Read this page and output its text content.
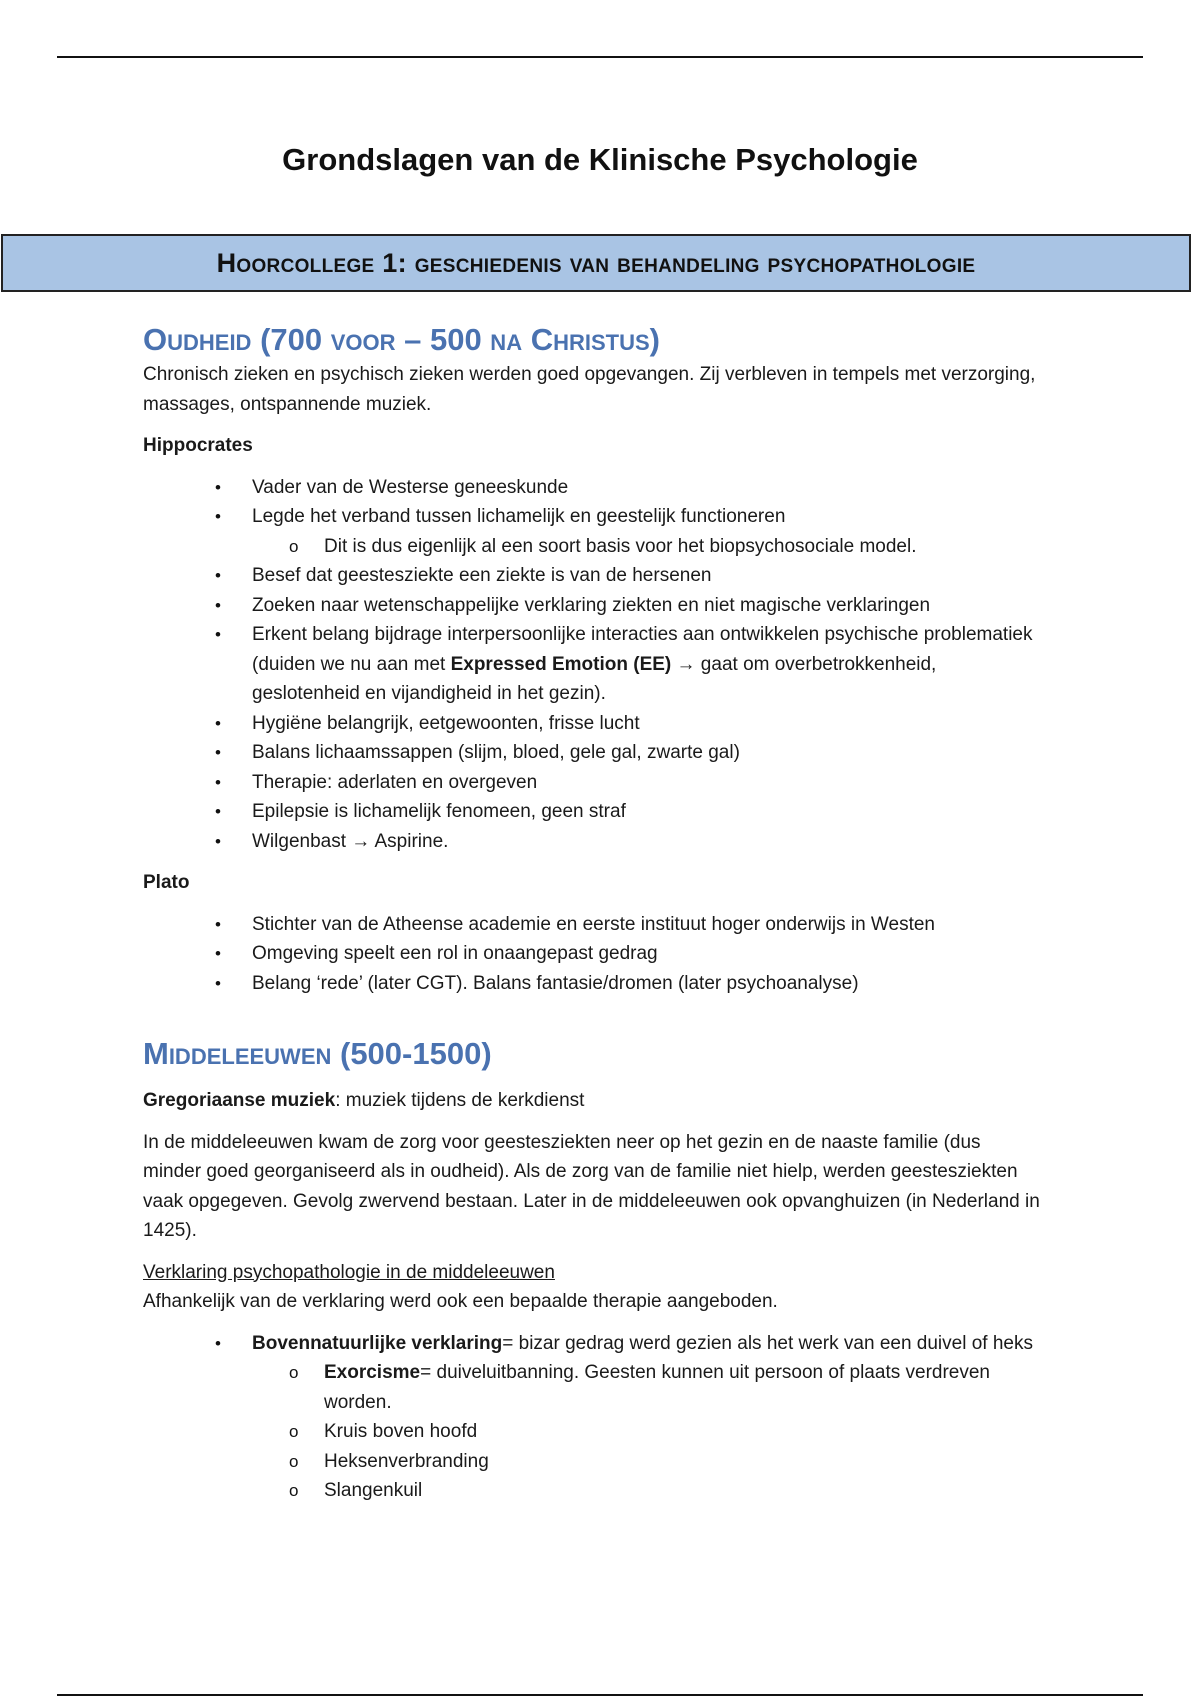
Grondslagen van de Klinische Psychologie
Hoorcollege 1: geschiedenis van behandeling psychopathologie
Oudheid (700 voor – 500 na Christus)

Chronisch zieken en psychisch zieken werden goed opgevangen. Zij verbleven in tempels met verzorging, massages, ontspannende muziek.

Hippocrates

• Vader van de Westerse geneeskunde
• Legde het verband tussen lichamelijk en geestelijk functioneren
o Dit is dus eigenlijk al een soort basis voor het biopsychosociale model.
• Besef dat geestesziekte een ziekte is van de hersenen
• Zoeken naar wetenschappelijke verklaring ziekten en niet magische verklaringen
• Erkent belang bijdrage interpersoonlijke interacties aan ontwikkelen psychische problematiek (duiden we nu aan met Expressed Emotion (EE) → gaat om overbetrokkenheid, geslotenheid en vijandigheid in het gezin).
• Hygiëne belangrijk, eetgewoonten, frisse lucht
• Balans lichaamssappen (slijm, bloed, gele gal, zwarte gal)
• Therapie: aderlaten en overgeven
• Epilepsie is lichamelijk fenomeen, geen straf
• Wilgenbast → Aspirine.

Plato

• Stichter van de Atheense academie en eerste instituut hoger onderwijs in Westen
• Omgeving speelt een rol in onaangepast gedrag
• Belang ‘rede’ (later CGT). Balans fantasie/dromen (later psychoanalyse)
Middeleeuwen (500-1500)

Gregoriaanse muziek: muziek tijdens de kerkdienst

In de middeleeuwen kwam de zorg voor geestesziekten neer op het gezin en de naaste familie (dus minder goed georganiseerd als in oudheid). Als de zorg van de familie niet hielp, werden geestesziekten vaak opgegeven. Gevolg zwervend bestaan. Later in de middeleeuwen ook opvanghuizen (in Nederland in 1425).

Verklaring psychopathologie in de middeleeuwen

Afhankelijk van de verklaring werd ook een bepaalde therapie aangeboden.

• Bovennatuurlijke verklaring= bizar gedrag werd gezien als het werk van een duivel of heks
o Exorcisme= duiveluitbanning. Geesten kunnen uit persoon of plaats verdreven worden.
o Kruis boven hoofd
o Heksenverbranding
o Slangenkuil
